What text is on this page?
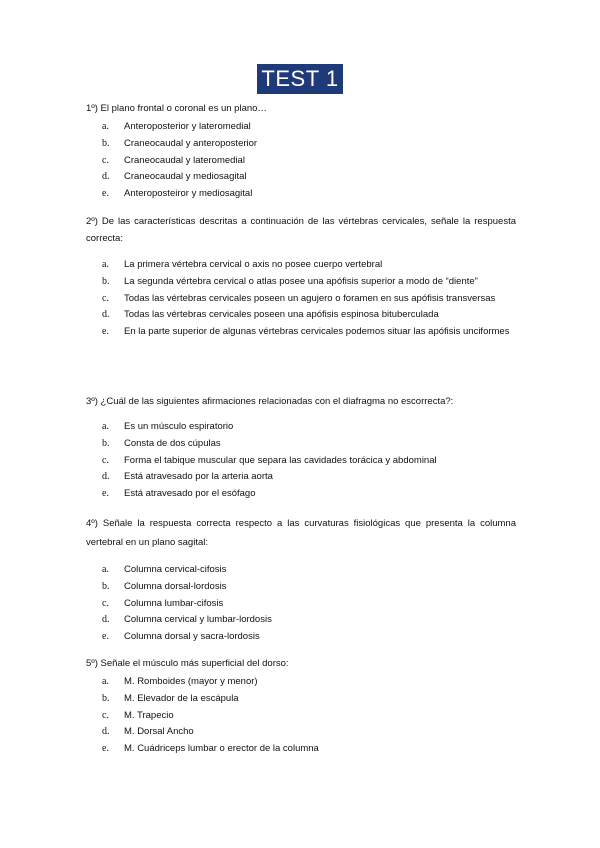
TEST 1
1º) El plano frontal o coronal es un plano…
a.	Anteroposterior y lateromedial
b.	Craneocaudal y anteroposterior
c.	Craneocaudal y lateromedial
d.	Craneocaudal y mediosagital
e.	Anteroposteiror y mediosagital
2º) De las características descritas a continuación de las vértebras cervicales, señale la respuesta correcta:
a.	La primera vértebra cervical o axis no posee cuerpo vertebral
b.	La segunda vértebra cervical o atlas posee una apófisis superior a modo de “diente”
c.	Todas las vértebras cervicales poseen un agujero o foramen en sus apófisis transversas
d.	Todas las vértebras cervicales poseen una apófisis espinosa bituberculada
e.	En la parte superior de algunas vértebras cervicales podemos situar las apófisis unciformes
3º) ¿Cuál de las siguientes afirmaciones relacionadas con el diafragma no escorrecta?:
a.	Es un músculo espiratorio
b.	Consta de dos cúpulas
c.	Forma el tabique muscular que separa las cavidades torácica y abdominal
d.	Está atravesado por la arteria aorta
e.	Está atravesado por el esófago
4º) Señale la respuesta correcta respecto a las curvaturas fisiológicas que presenta la columna vertebral en un plano sagital:
a.	Columna cervical-cifosis
b.	Columna dorsal-lordosis
c.	Columna lumbar-cifosis
d.	Columna cervical y lumbar-lordosis
e.	Columna dorsal y sacra-lordosis
5º) Señale el músculo más superficial del dorso:
a.	M. Romboides (mayor y menor)
b.	M. Elevador de la escápula
c.	M. Trapecio
d.	M. Dorsal Ancho
e.	M. Cuádriceps lumbar o erector de la columna
